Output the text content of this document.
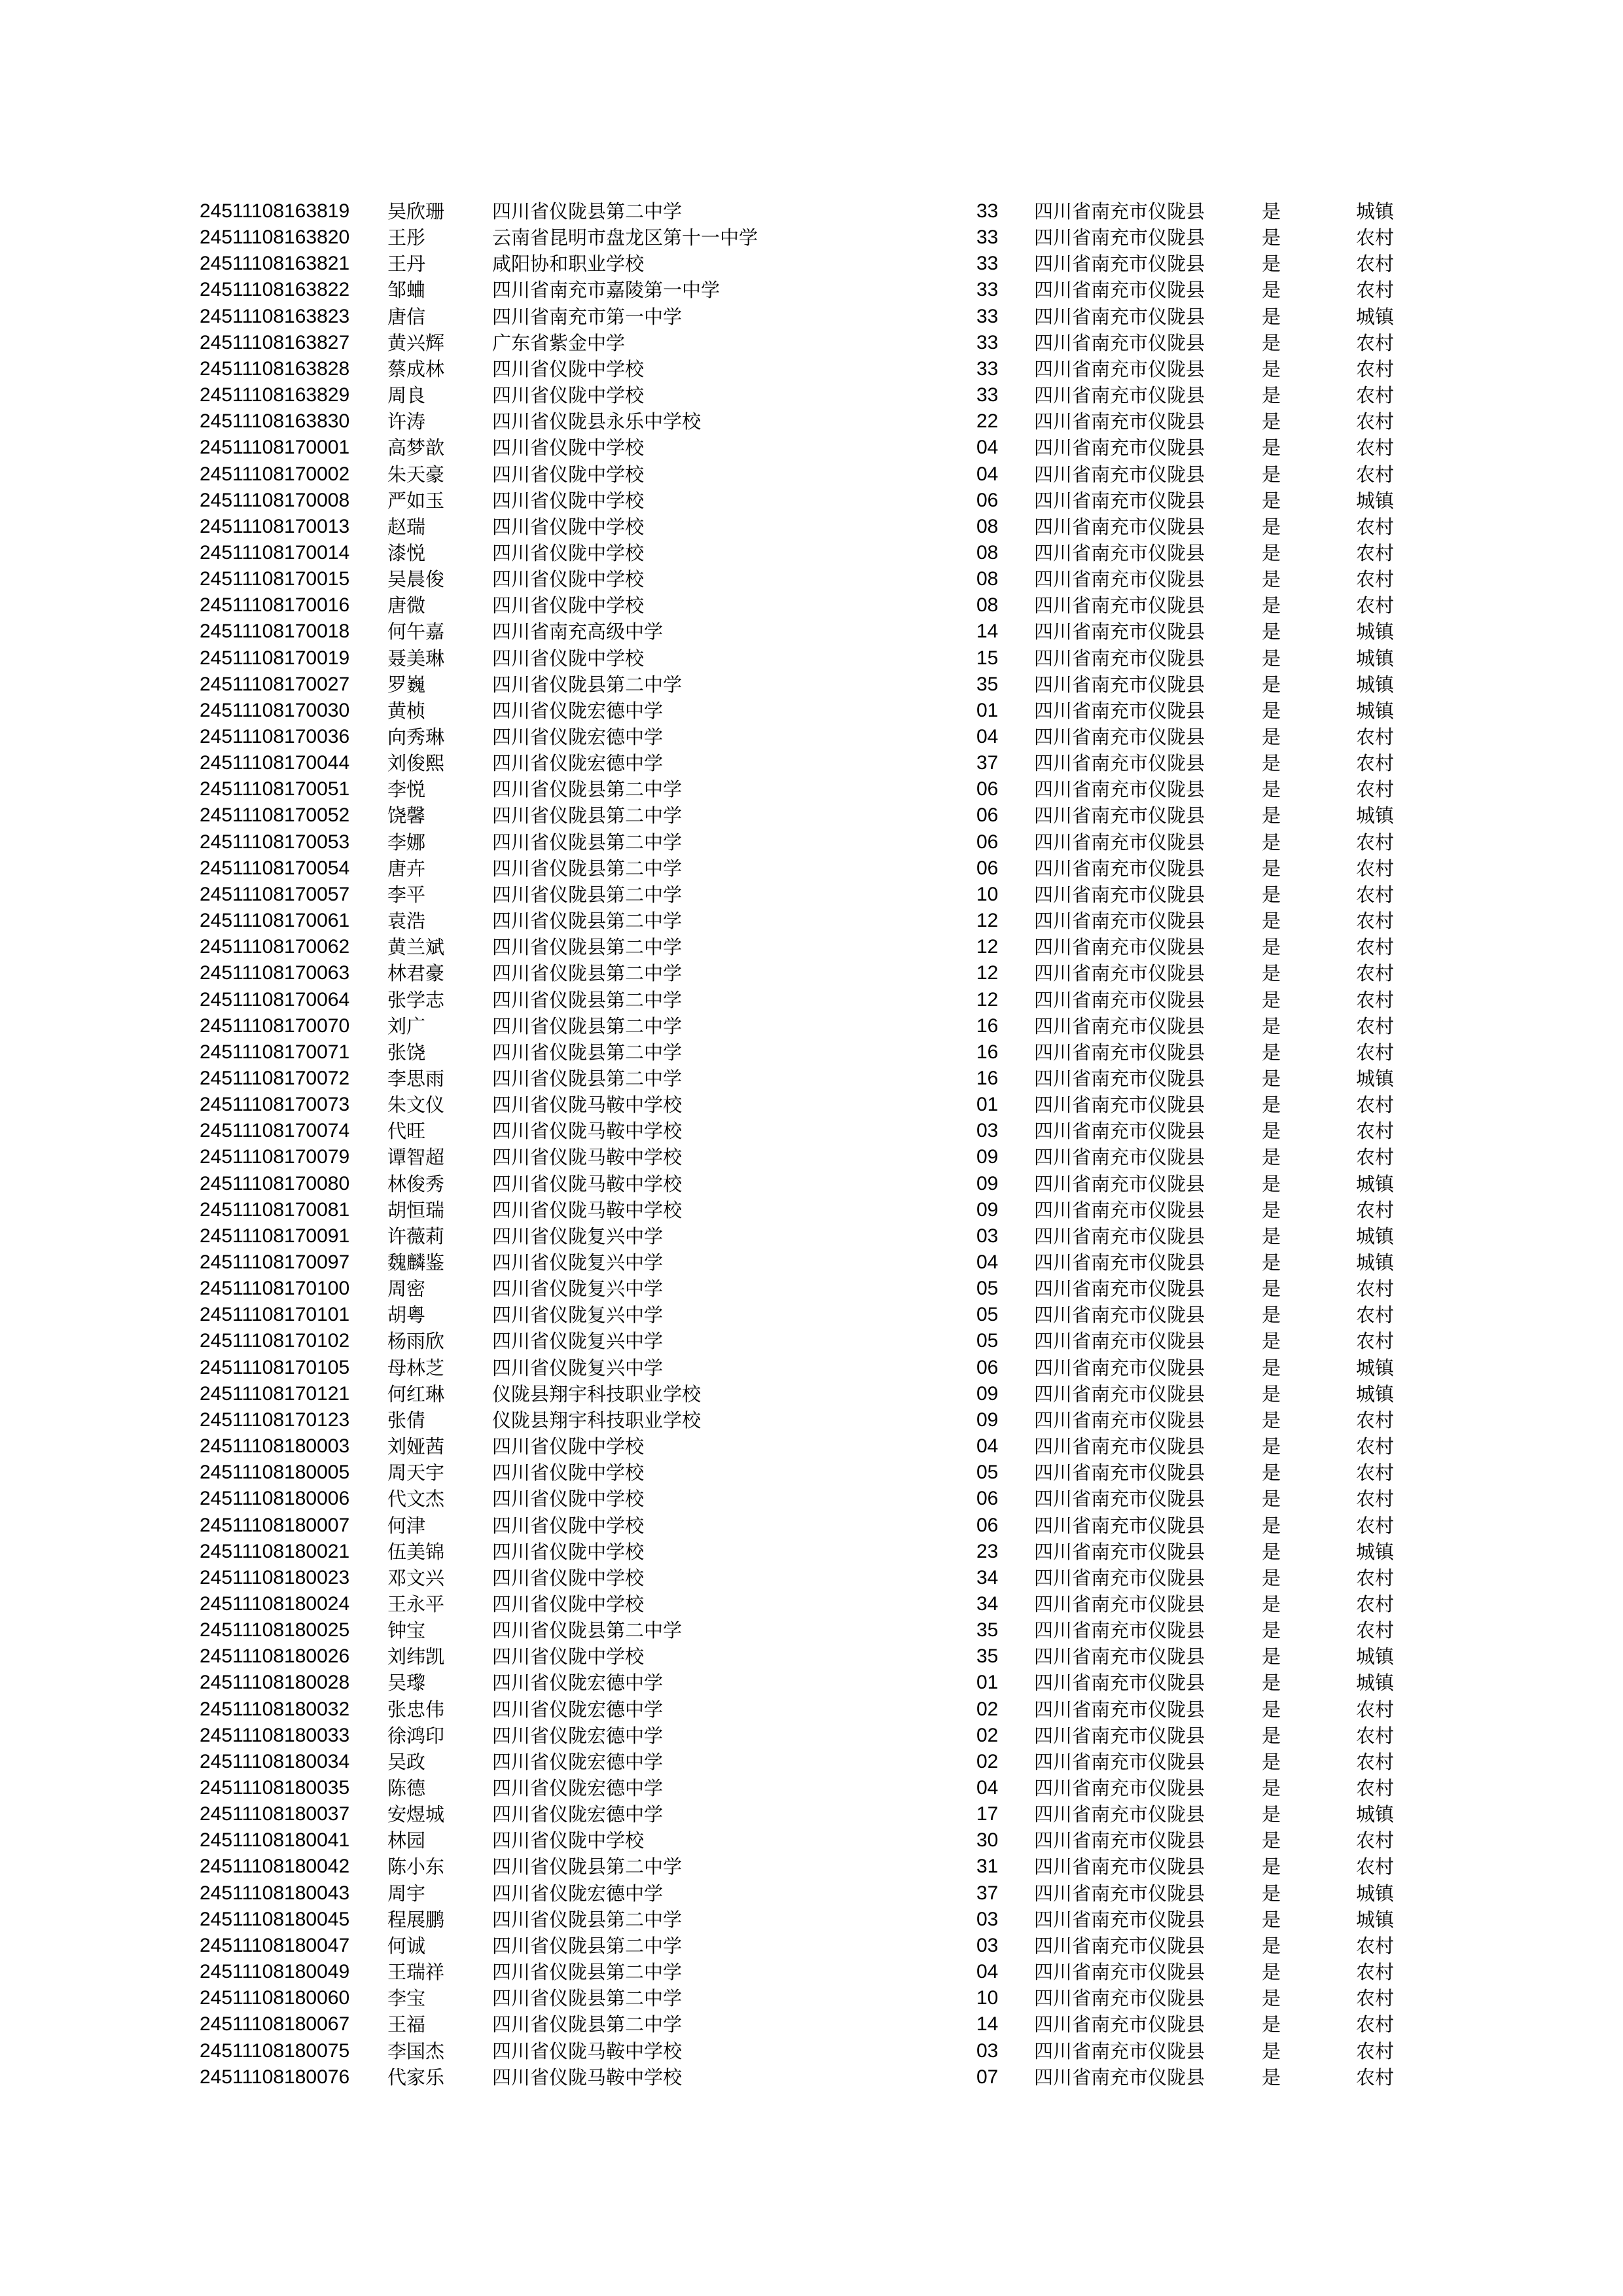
24511108163819 吴欣珊	四川省仪陇县第二中学	33 四川省南充市仪陇县	是	城镇
24511108163820 王彤	云南省昆明市盘龙区第十一中学	33 四川省南充市仪陇县	是	农村
24511108163821 王丹	咸阳协和职业学校	33 四川省南充市仪陇县	是	农村
24511108163822 邹蛐	四川省南充市嘉陵第一中学	33 四川省南充市仪陇县	是	农村
24511108163823 唐信	四川省南充市第一中学	33 四川省南充市仪陇县	是	城镇
24511108163827 黄兴辉	广东省紫金中学	33 四川省南充市仪陇县	是	农村
24511108163828 蔡成林	四川省仪陇中学校	33 四川省南充市仪陇县	是	农村
24511108163829 周良	四川省仪陇中学校	33 四川省南充市仪陇县	是	农村
24511108163830 许涛	四川省仪陇县永乐中学校	22 四川省南充市仪陇县	是	农村
24511108170001 高梦歆	四川省仪陇中学校	04 四川省南充市仪陇县	是	农村
24511108170002 朱天豪	四川省仪陇中学校	04 四川省南充市仪陇县	是	农村
24511108170008 严如玉	四川省仪陇中学校	06 四川省南充市仪陇县	是	城镇
24511108170013 赵瑞	四川省仪陇中学校	08 四川省南充市仪陇县	是	农村
24511108170014 漆悦	四川省仪陇中学校	08 四川省南充市仪陇县	是	农村
24511108170015 吴晨俊	四川省仪陇中学校	08 四川省南充市仪陇县	是	农村
24511108170016 唐微	四川省仪陇中学校	08 四川省南充市仪陇县	是	农村
24511108170018 何午嘉	四川省南充高级中学	14 四川省南充市仪陇县	是	城镇
24511108170019 聂美琳	四川省仪陇中学校	15 四川省南充市仪陇县	是	城镇
24511108170027 罗巍	四川省仪陇县第二中学	35 四川省南充市仪陇县	是	城镇
24511108170030 黄桢	四川省仪陇宏德中学	01 四川省南充市仪陇县	是	城镇
24511108170036 向秀琳	四川省仪陇宏德中学	04 四川省南充市仪陇县	是	农村
24511108170044 刘俊熙	四川省仪陇宏德中学	37 四川省南充市仪陇县	是	农村
24511108170051 李悦	四川省仪陇县第二中学	06 四川省南充市仪陇县	是	农村
24511108170052 饶馨	四川省仪陇县第二中学	06 四川省南充市仪陇县	是	城镇
24511108170053 李娜	四川省仪陇县第二中学	06 四川省南充市仪陇县	是	农村
24511108170054 唐卉	四川省仪陇县第二中学	06 四川省南充市仪陇县	是	农村
24511108170057 李平	四川省仪陇县第二中学	10 四川省南充市仪陇县	是	农村
24511108170061 袁浩	四川省仪陇县第二中学	12 四川省南充市仪陇县	是	农村
24511108170062 黄兰斌	四川省仪陇县第二中学	12 四川省南充市仪陇县	是	农村
24511108170063 林君豪	四川省仪陇县第二中学	12 四川省南充市仪陇县	是	农村
24511108170064 张学志	四川省仪陇县第二中学	12 四川省南充市仪陇县	是	农村
24511108170070 刘广	四川省仪陇县第二中学	16 四川省南充市仪陇县	是	农村
24511108170071 张饶	四川省仪陇县第二中学	16 四川省南充市仪陇县	是	农村
24511108170072 李思雨	四川省仪陇县第二中学	16 四川省南充市仪陇县	是	城镇
24511108170073 朱文仪	四川省仪陇马鞍中学校	01 四川省南充市仪陇县	是	农村
24511108170074 代旺	四川省仪陇马鞍中学校	03 四川省南充市仪陇县	是	农村
24511108170079 谭智超	四川省仪陇马鞍中学校	09 四川省南充市仪陇县	是	农村
24511108170080 林俊秀	四川省仪陇马鞍中学校	09 四川省南充市仪陇县	是	城镇
24511108170081 胡恒瑞	四川省仪陇马鞍中学校	09 四川省南充市仪陇县	是	农村
24511108170091 许薇莉	四川省仪陇复兴中学	03 四川省南充市仪陇县	是	城镇
24511108170097 魏麟鉴	四川省仪陇复兴中学	04 四川省南充市仪陇县	是	城镇
24511108170100 周密	四川省仪陇复兴中学	05 四川省南充市仪陇县	是	农村
24511108170101 胡粤	四川省仪陇复兴中学	05 四川省南充市仪陇县	是	农村
24511108170102 杨雨欣	四川省仪陇复兴中学	05 四川省南充市仪陇县	是	农村
24511108170105 母林芝	四川省仪陇复兴中学	06 四川省南充市仪陇县	是	城镇
24511108170121 何红琳	仪陇县翔宇科技职业学校	09 四川省南充市仪陇县	是	城镇
24511108170123 张倩	仪陇县翔宇科技职业学校	09 四川省南充市仪陇县	是	农村
24511108180003 刘娅茜	四川省仪陇中学校	04 四川省南充市仪陇县	是	农村
24511108180005 周天宇	四川省仪陇中学校	05 四川省南充市仪陇县	是	农村
24511108180006 代文杰	四川省仪陇中学校	06 四川省南充市仪陇县	是	农村
24511108180007 何津	四川省仪陇中学校	06 四川省南充市仪陇县	是	农村
24511108180021 伍美锦	四川省仪陇中学校	23 四川省南充市仪陇县	是	城镇
24511108180023 邓文兴	四川省仪陇中学校	34 四川省南充市仪陇县	是	农村
24511108180024 王永平	四川省仪陇中学校	34 四川省南充市仪陇县	是	农村
24511108180025 钟宝	四川省仪陇县第二中学	35 四川省南充市仪陇县	是	农村
24511108180026 刘纬凯	四川省仪陇中学校	35 四川省南充市仪陇县	是	城镇
24511108180028 吴瓈	四川省仪陇宏德中学	01 四川省南充市仪陇县	是	城镇
24511108180032 张忠伟	四川省仪陇宏德中学	02 四川省南充市仪陇县	是	农村
24511108180033 徐鸿印	四川省仪陇宏德中学	02 四川省南充市仪陇县	是	农村
24511108180034 吴政	四川省仪陇宏德中学	02 四川省南充市仪陇县	是	农村
24511108180035 陈德	四川省仪陇宏德中学	04 四川省南充市仪陇县	是	农村
24511108180037 安煜城	四川省仪陇宏德中学	17 四川省南充市仪陇县	是	城镇
24511108180041 林园	四川省仪陇中学校	30 四川省南充市仪陇县	是	农村
24511108180042 陈小东	四川省仪陇县第二中学	31 四川省南充市仪陇县	是	农村
24511108180043 周宇	四川省仪陇宏德中学	37 四川省南充市仪陇县	是	城镇
24511108180045 程展鹏	四川省仪陇县第二中学	03 四川省南充市仪陇县	是	城镇
24511108180047 何诚	四川省仪陇县第二中学	03 四川省南充市仪陇县	是	农村
24511108180049 王瑞祥	四川省仪陇县第二中学	04 四川省南充市仪陇县	是	农村
24511108180060 李宝	四川省仪陇县第二中学	10 四川省南充市仪陇县	是	农村
24511108180067 王福	四川省仪陇县第二中学	14 四川省南充市仪陇县	是	农村
24511108180075 李国杰	四川省仪陇马鞍中学校	03 四川省南充市仪陇县	是	农村
24511108180076 代家乐	四川省仪陇马鞍中学校	07 四川省南充市仪陇县	是	农村
